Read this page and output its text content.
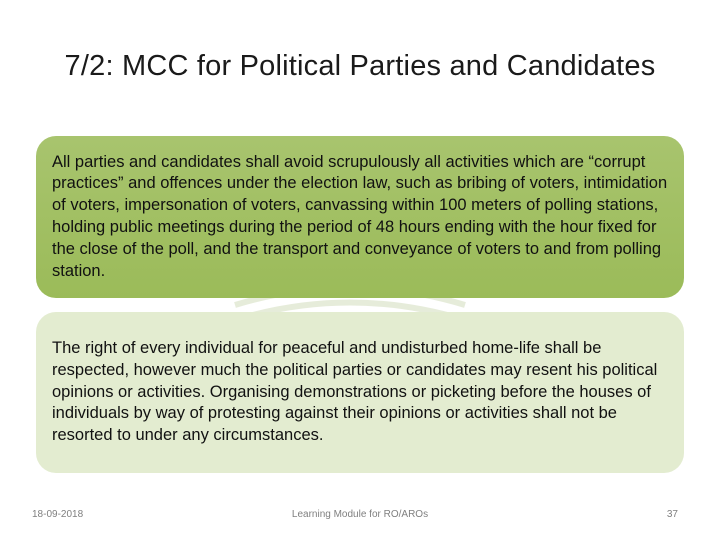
7/2: MCC for Political Parties and Candidates

All parties and candidates shall avoid scrupulously all activities which are “corrupt practices” and offences under the election law, such as bribing of voters, intimidation of voters, impersonation of voters, canvassing within 100 meters of polling stations, holding public meetings during the period of 48 hours ending with the hour fixed for the close of the poll, and the transport and conveyance of voters to and from polling station.

The right of every individual for peaceful and undisturbed home-life shall be respected, however much the political parties or candidates may resent his political opinions or activities. Organising demonstrations or picketing before the houses of individuals by way of protesting against their opinions or activities shall not be resorted to under any circumstances.

18-09-2018	Learning Module for RO/AROs	37
